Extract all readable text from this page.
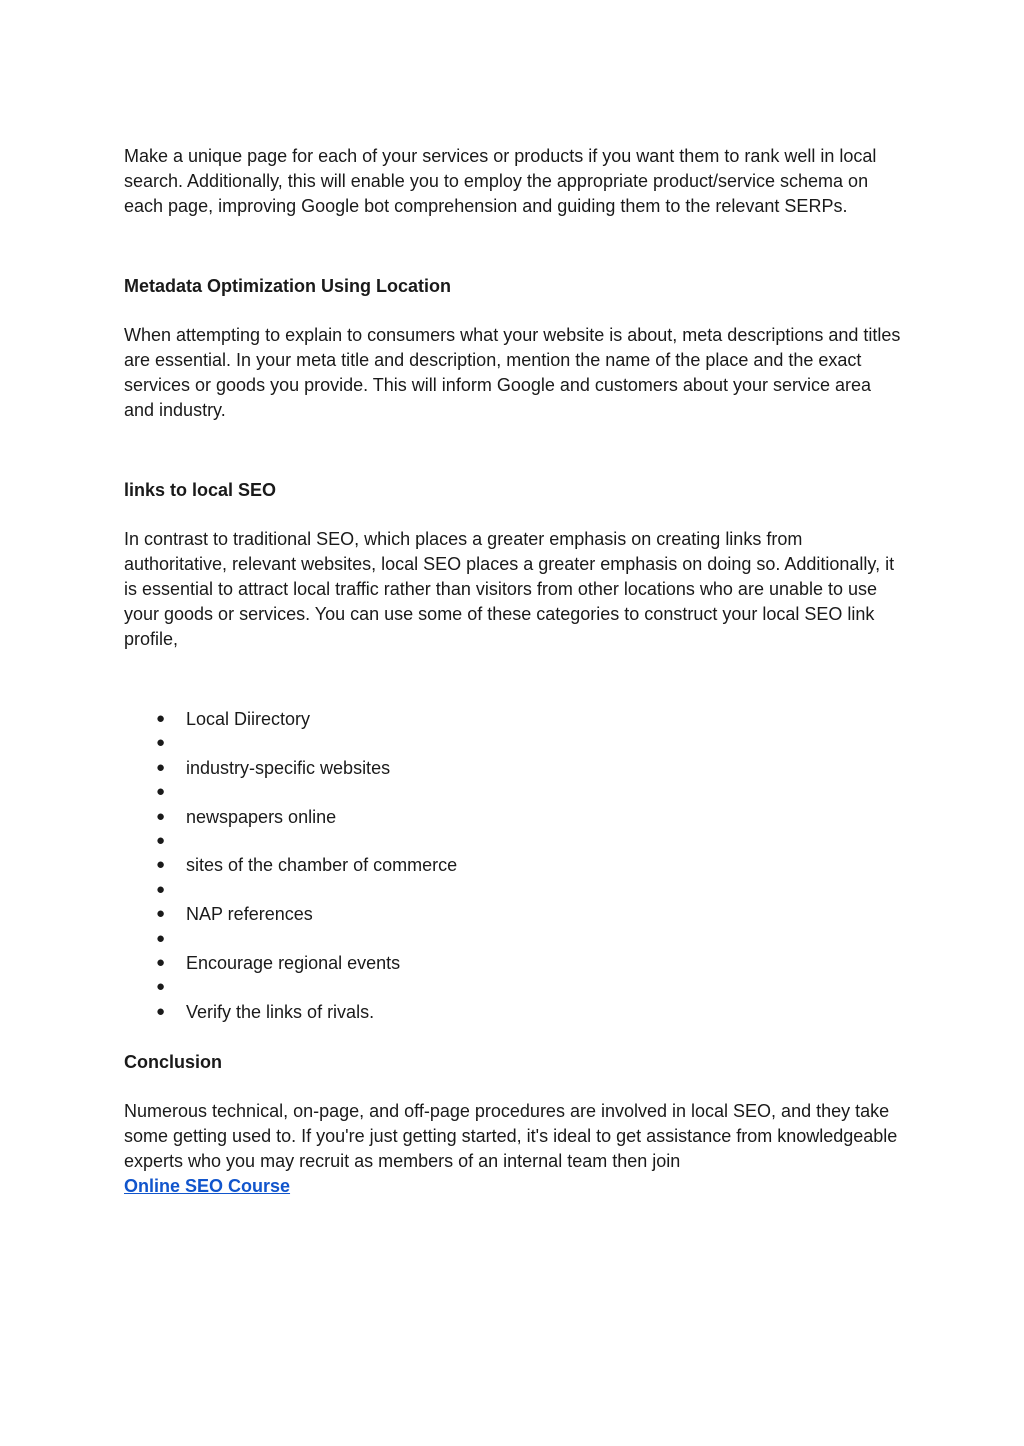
Make a unique page for each of your services or products if you want them to rank well in local search. Additionally, this will enable you to employ the appropriate product/service schema on each page, improving Google bot comprehension and guiding them to the relevant SERPs.

Metadata Optimization Using Location

When attempting to explain to consumers what your website is about, meta descriptions and titles are essential. In your meta title and description, mention the name of the place and the exact services or goods you provide. This will inform Google and customers about your service area and industry.

links to local SEO

In contrast to traditional SEO, which places a greater emphasis on creating links from authoritative, relevant websites, local SEO places a greater emphasis on doing so. Additionally, it is essential to attract local traffic rather than visitors from other locations who are unable to use your goods or services. You can use some of these categories to construct your local SEO link profile,

● Local Diirectory
●
● industry-specific websites
●
● newspapers online
●
● sites of the chamber of commerce
●
● NAP references
●
● Encourage regional events
●
● Verify the links of rivals.

Conclusion

Numerous technical, on-page, and off-page procedures are involved in local SEO, and they take some getting used to. If you're just getting started, it's ideal to get assistance from knowledgeable experts who you may recruit as members of an internal team then join
Online SEO Course
